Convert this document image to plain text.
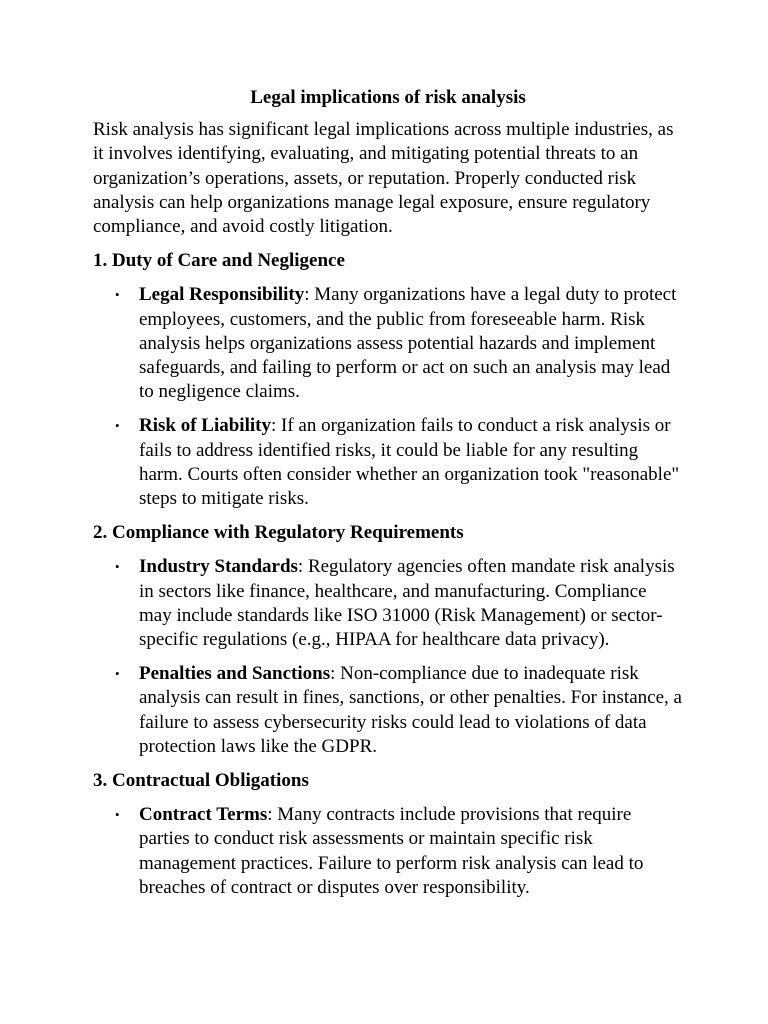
Legal implications of risk analysis

Risk analysis has significant legal implications across multiple industries, as it involves identifying, evaluating, and mitigating potential threats to an organization’s operations, assets, or reputation. Properly conducted risk analysis can help organizations manage legal exposure, ensure regulatory compliance, and avoid costly litigation.

1. Duty of Care and Negligence
• Legal Responsibility: Many organizations have a legal duty to protect employees, customers, and the public from foreseeable harm. Risk analysis helps organizations assess potential hazards and implement safeguards, and failing to perform or act on such an analysis may lead to negligence claims.
• Risk of Liability: If an organization fails to conduct a risk analysis or fails to address identified risks, it could be liable for any resulting harm. Courts often consider whether an organization took "reasonable" steps to mitigate risks.
2. Compliance with Regulatory Requirements
• Industry Standards: Regulatory agencies often mandate risk analysis in sectors like finance, healthcare, and manufacturing. Compliance may include standards like ISO 31000 (Risk Management) or sector-specific regulations (e.g., HIPAA for healthcare data privacy).
• Penalties and Sanctions: Non-compliance due to inadequate risk analysis can result in fines, sanctions, or other penalties. For instance, a failure to assess cybersecurity risks could lead to violations of data protection laws like the GDPR.
3. Contractual Obligations
• Contract Terms: Many contracts include provisions that require parties to conduct risk assessments or maintain specific risk management practices. Failure to perform risk analysis can lead to breaches of contract or disputes over responsibility.
